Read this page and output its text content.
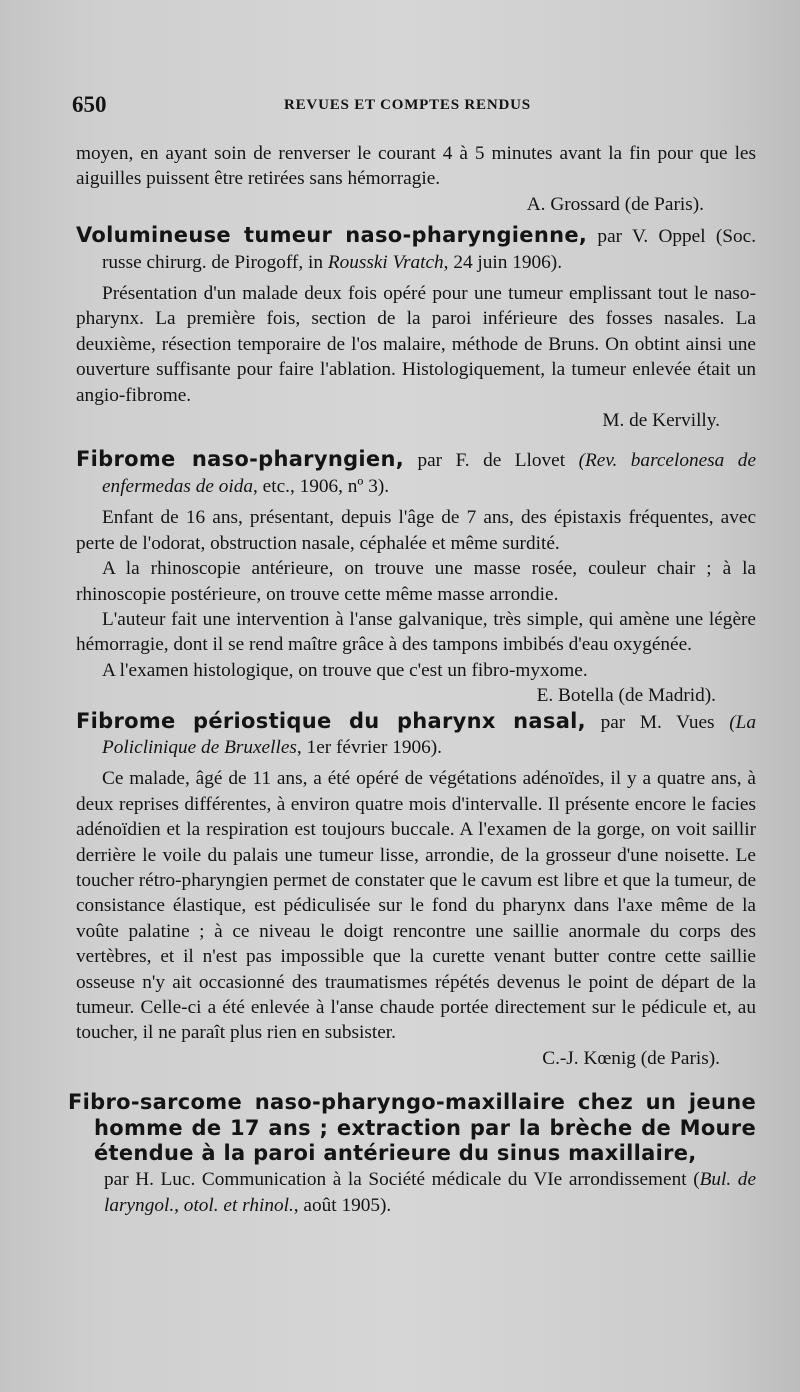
650	REVUES ET COMPTES RENDUS

moyen, en ayant soin de renverser le courant 4 à 5 minutes avant la fin pour que les aiguilles puissent être retirées sans hémorragie.

A. Grossard (de Paris).

Volumineuse tumeur naso-pharyngienne, par V. Oppel (Soc. russe chirurg. de Pirogoff, in Rousski Vratch, 24 juin 1906).

Présentation d'un malade deux fois opéré pour une tumeur emplissant tout le naso-pharynx. La première fois, section de la paroi inférieure des fosses nasales. La deuxième, résection temporaire de l'os malaire, méthode de Bruns. On obtint ainsi une ouverture suffisante pour faire l'ablation. Histologiquement, la tumeur enlevée était un angio-fibrome.

M. de Kervilly.

Fibrome naso-pharyngien, par F. de Llovet (Rev. barcelonesa de enfermedas de oida, etc., 1906, nº 3).

Enfant de 16 ans, présentant, depuis l'âge de 7 ans, des épistaxis fréquentes, avec perte de l'odorat, obstruction nasale, céphalée et même surdité.

A la rhinoscopie antérieure, on trouve une masse rosée, couleur chair ; à la rhinoscopie postérieure, on trouve cette même masse arrondie.

L'auteur fait une intervention à l'anse galvanique, très simple, qui amène une légère hémorragie, dont il se rend maître grâce à des tampons imbibés d'eau oxygénée.

A l'examen histologique, on trouve que c'est un fibro-myxome.

E. Botella (de Madrid).

Fibrome périostique du pharynx nasal, par M. Vues (La Policlinique de Bruxelles, 1er février 1906).

Ce malade, âgé de 11 ans, a été opéré de végétations adénoïdes, il y a quatre ans, à deux reprises différentes, à environ quatre mois d'intervalle. Il présente encore le facies adénoïdien et la respiration est toujours buccale. A l'examen de la gorge, on voit saillir derrière le voile du palais une tumeur lisse, arrondie, de la grosseur d'une noisette. Le toucher rétro-pharyngien permet de constater que le cavum est libre et que la tumeur, de consistance élastique, est pédiculisée sur le fond du pharynx dans l'axe même de la voûte palatine ; à ce niveau le doigt rencontre une saillie anormale du corps des vertèbres, et il n'est pas impossible que la curette venant butter contre cette saillie osseuse n'y ait occasionné des traumatismes répétés devenus le point de départ de la tumeur. Celle-ci a été enlevée à l'anse chaude portée directement sur le pédicule et, au toucher, il ne paraît plus rien en subsister.

C.-J. Kœnig (de Paris).

Fibro-sarcome naso-pharyngo-maxillaire chez un jeune homme de 17 ans ; extraction par la brèche de Moure étendue à la paroi antérieure du sinus maxillaire,

par H. Luc. Communication à la Société médicale du VIe arrondissement (Bul. de laryngol., otol. et rhinol., août 1905).
